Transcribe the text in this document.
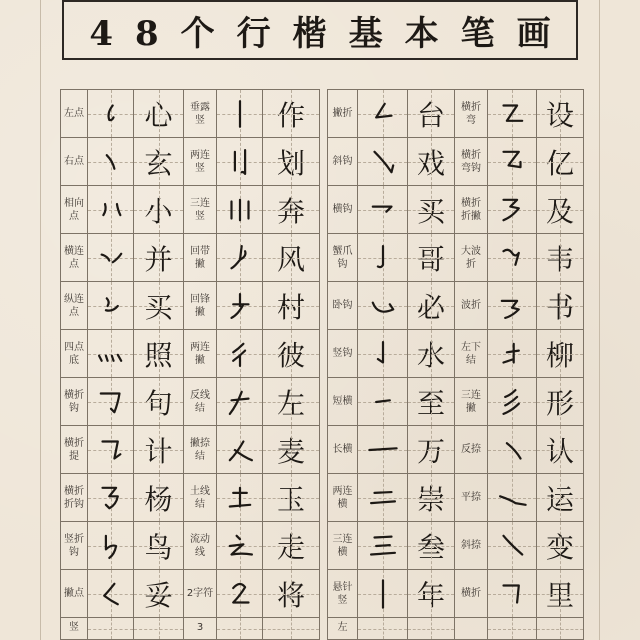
48个行楷基本笔画
左点	心	垂露竖	作
右点	玄	两连竖	划
相向点	小	三连竖	奔
横连点	并	回带撇	风
纵连点	买	回锋撇	村
四点底	照	两连撇	彼
横折钩	句	反线结	左
横折提	计	撇捺结	麦
横折折钩	杨	土线结	玉
竖折钩	鸟	流动线	走
撇点	妥	2字符	将
竖	3
撇折	台	横折弯	设
斜钩	戏	横折弯钩	亿
横钩	买	横折折撇	及
蟹爪钩	哥	大波折	韦
卧钩	必	波折	书
竖钩	水	左下结	柳
短横	至	三连撇	形
长横	万	反捺	认
两连横	崇	平捺	运
三连横	叁	斜捺	变
悬针竖	年	横折	里
左
